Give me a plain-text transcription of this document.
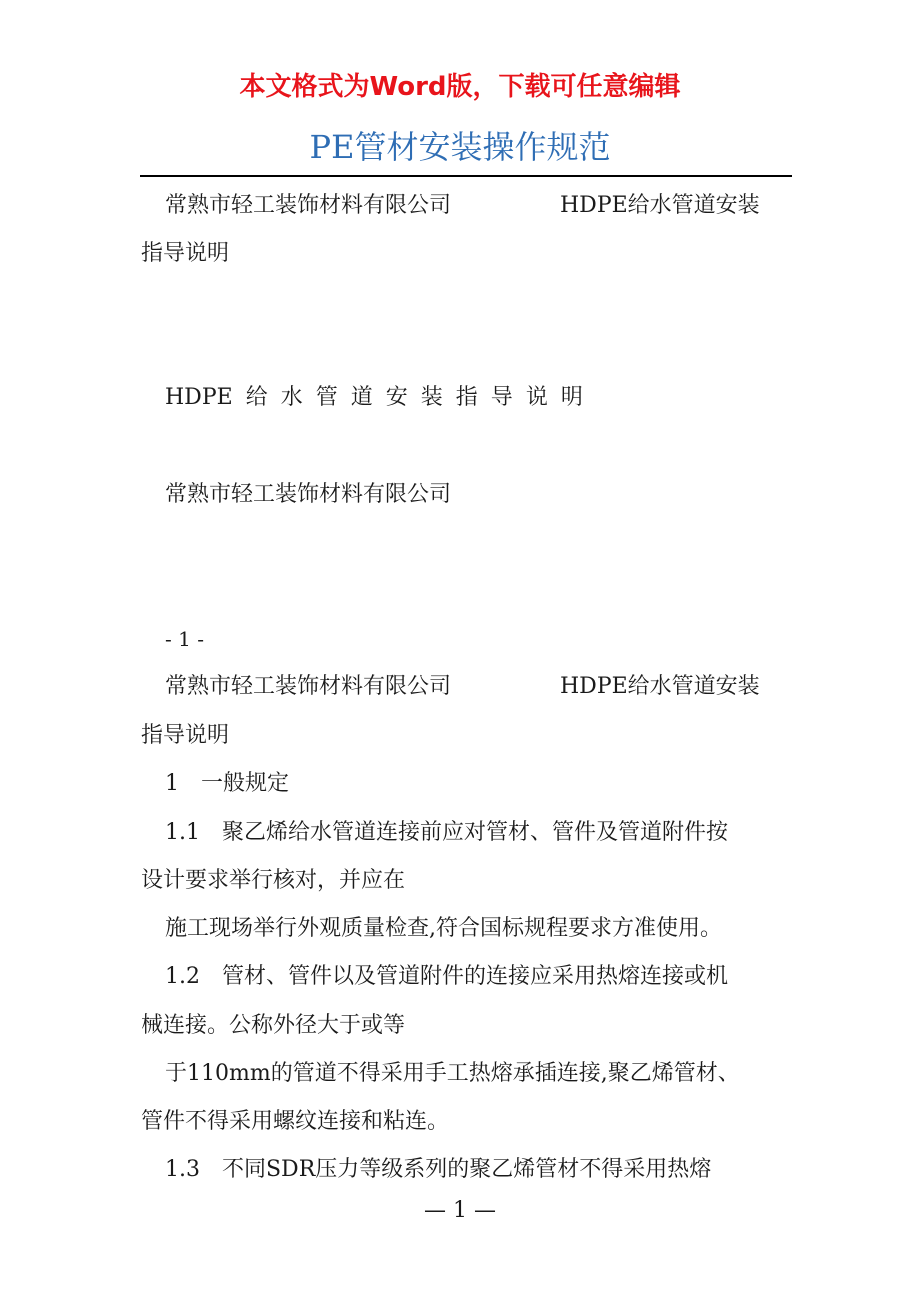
本文格式为Word版，下载可任意编辑
PE管材安装操作规范
常熟市轻工装饰材料有限公司	HDPE给水管道安装
指导说明
HDPE 给 水 管 道 安 装 指 导 说 明
常熟市轻工装饰材料有限公司
- 1 -
常熟市轻工装饰材料有限公司	HDPE给水管道安装
指导说明
1　一般规定
1.1　聚乙烯给水管道连接前应对管材、管件及管道附件按
设计要求举行核对，并应在
施工现场举行外观质量检查,符合国标规程要求方准使用。
1.2　管材、管件以及管道附件的连接应采用热熔连接或机
械连接。公称外径大于或等
于110mm的管道不得采用手工热熔承插连接,聚乙烯管材、
管件不得采用螺纹连接和粘连。
1.3　不同SDR压力等级系列的聚乙烯管材不得采用热熔
— 1 —
